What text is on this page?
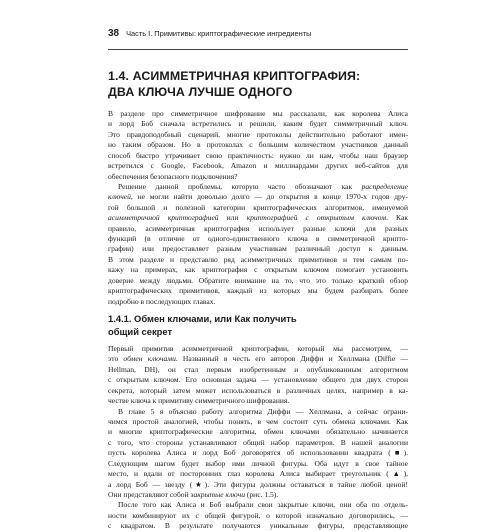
38 Часть I. Примитивы: криптографические ингредиенты
1.4. АСИММЕТРИЧНАЯ КРИПТОГРАФИЯ:
ДВА КЛЮЧА ЛУЧШЕ ОДНОГО
В разделе про симметричное шифрование мы рассказали, как королева Алиса
и лорд Боб сначала встретились и решили, каким будет симметричный ключ.
Это правдоподобный сценарий, многие протоколы действительно работают имен-
но таким образом. Но в протоколах с большим количеством участников данный
способ быстро утрачивает свою практичность: нужно ли нам, чтобы наш браузер
встретился с Google, Facebook, Amazon и миллиардами других веб-сайтов для
обеспечения безопасного подключения?
Решение данной проблемы, которую часто обозначают как распределение
ключей, не могли найти довольно долго — до открытия в конце 1970-х годов дру-
гой большой и полезной категории криптографических алгоритмов, именуемой
асимметричной криптографией или криптографией с открытым ключом. Как
правило, асимметричная криптография использует разные ключи для разных
функций (в отличие от одного-единственного ключа в симметричной крипто-
графии) или предоставляет разным участникам различный доступ к данным.
В этом разделе и представлю ряд асимметричных примитивов и тем самым по-
кажу на примерах, как криптография с открытым ключом помогает установить
доверие между людьми. Обратите внимание на то, что это только краткий обзор
криптографических примитивов, каждый из которых мы будем разбирать более
подробно в последующих главах.
1.4.1. Обмен ключами, или Как получить
общий секрет
Первый примитив асимметричной криптографии, который мы рассмотрим, —
это обмен ключами. Названный в честь его авторов Диффи и Хеллмана (Diffie —
Hellman, DH), он стал первым изобретенным и опубликованным алгоритмом
с открытым ключом. Его основная задача — установление общего для двух сторон
секрета, который затем может использоваться в различных целях, например в ка-
честве ключа к примитиву симметричного шифрования.
В главе 5 я объясню работу алгоритма Диффи — Хеллмана, а сейчас ограни-
чимся простой аналогией, чтобы понять, в чем состоит суть обмена ключами. Как
и многие криптографические алгоритмы, обмен ключами обязательно начинается
с того, что стороны устанавливают общий набор параметров. В нашей аналогии
пусть королева Алиса и лорд Боб договорятся об использовании квадрата (■).
Следующим шагом будет выбор ими личной фигуры. Оба идут в свое тайное
место, и вдали от посторонних глаз королева Алиса выбирает треугольник (▲),
а лорд Боб — звезду (★). Эти фигуры должны оставаться в тайне любой ценой!
Они представляют собой закрытые ключи (рис. 1.5).
После того как Алиса и Боб выбрали свои закрытые ключи, они оба по отдель-
ности комбинируют их с общей фигурой, о которой изначально договорились, —
с квадратом. В результате получаются уникальные фигуры, представляющие
